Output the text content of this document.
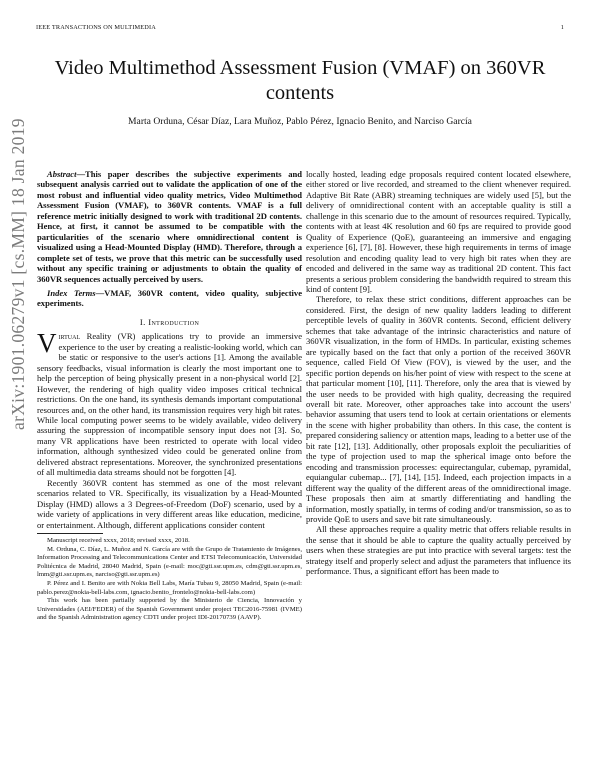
IEEE TRANSACTIONS ON MULTIMEDIA	1
Video Multimethod Assessment Fusion (VMAF) on 360VR contents

Marta Orduna, César Díaz, Lara Muñoz, Pablo Pérez, Ignacio Benito, and Narciso García

arXiv:1901.06279v1 [cs.MM] 18 Jan 2019	Abstract—This paper describes the subjective experiments and subsequent analysis carried out to validate the application of one of the most robust and influential video quality metrics, Video Multimethod Assessment Fusion (VMAF), to 360VR contents. VMAF is a full reference metric initially designed to work with traditional 2D contents. Hence, at first, it cannot be assumed to be compatible with the particularities of the scenario where omnidirectional content is visualized using a Head-Mounted Display (HMD). Therefore, through a complete set of tests, we prove that this metric can be successfully used without any specific training or adjustments to obtain the quality of 360VR sequences actually perceived by users.

Index Terms—VMAF, 360VR content, video quality, subjective experiments.

I. Introduction

Virtual Reality (VR) applications try to provide an immersive experience to the user by creating a realistic-looking world, which can be static or responsive to the user's actions [1]. Among the available sensory feedbacks, visual information is clearly the most important one to help the perception of being physically present in a non-physical world [2]. However, the rendering of high quality video imposes critical technical restrictions. On the one hand, its synthesis demands important computational resources and, on the other hand, its transmission requires very high bit rates. While local computing power seems to be widely available, video delivery assuring the suppression of incompatible sensory input does not [3]. So, many VR applications have been restricted to operate with local video information, although synthesized video could be generated online from delivered abstract representations. Moreover, the synchronized presentations of all multimedia data streams should not be forgotten [4].

Recently 360VR content has stemmed as one of the most relevant scenarios related to VR. Specifically, its visualization by a Head-Mounted Display (HMD) allows a 3 Degrees-of-Freedom (DoF) scenario, used by a wide variety of applications in very different areas like education, medicine, or entertainment. Although, different applications consider content

Manuscript received xxxx, 2018; revised xxxx, 2018.

M. Orduna, C. Díaz, L. Muñoz and N. García are with the Grupo de Tratamiento de Imágenes, Information Processing and Telecommunications Center and ETSI Telecomunicación, Universidad Politécnica de Madrid, 28040 Madrid, Spain (e-mail: moc@gti.ssr.upm.es, cdm@gti.ssr.upm.es, lmm@gti.ssr.upm.es, narciso@gti.ssr.upm.es)

P. Pérez and I. Benito are with Nokia Bell Labs, María Tubau 9, 28050 Madrid, Spain (e-mail: pablo.perez@nokia-bell-labs.com, ignacio.benito_frontelo@nokia-bell-labs.com)

This work has been partially supported by the Ministerio de Ciencia, Innovación y Universidades (AEI/FEDER) of the Spanish Government under project TEC2016-75981 (IVME) and the Spanish Administration agency CDTI under project IDI-20170739 (AAVP).

locally hosted, leading edge proposals required content located elsewhere, either stored or live recorded, and streamed to the client whenever required. Adaptive Bit Rate (ABR) streaming techniques are widely used [5], but the delivery of omnidirectional content with an acceptable quality is still a challenge in this scenario due to the amount of resources required. Typically, contents with at least 4K resolution and 60 fps are required to provide good Quality of Experience (QoE), guaranteeing an immersive and engaging experience [6], [7], [8]. However, these high requirements in terms of image resolution and encoding quality lead to very high bit rates when they are encoded and delivered in the same way as traditional 2D content. This fact presents a serious problem considering the bandwidth required to stream this kind of content [9].

Therefore, to relax these strict conditions, different approaches can be considered. First, the design of new quality ladders leading to different perceptible levels of quality in 360VR contents. Second, efficient delivery schemes that take advantage of the intrinsic characteristics and nature of 360VR visualization, in the form of HMDs. In particular, existing schemes are typically based on the fact that only a portion of the received 360VR sequence, called Field Of View (FOV), is viewed by the user, and the specific portion depends on his/her point of view with respect to the scene at that particular moment [10], [11]. Therefore, only the area that is viewed by the user needs to be provided with high quality, decreasing the required overall bit rate. Moreover, other approaches take into account the users' behavior assuming that users tend to look at certain orientations or elements in the scene with higher probability than others. In this case, the content is prepared considering saliency or attention maps, leading to a better use of the bit rate [12], [13]. Additionally, other proposals exploit the peculiarities of the type of projection used to map the spherical image onto before the encoding and transmission processes: equirectangular, cubemap, pyramidal, equiangular cubemap... [7], [14], [15]. Indeed, each projection impacts in a different way the quality of the different areas of the omnidirectional image. These proposals then aim at smartly differentiating and handling the information, mostly spatially, in terms of coding and/or transmission, so as to provide QoE to users and save bit rate simultaneously.

All these approaches require a quality metric that offers reliable results in the sense that it should be able to capture the quality actually perceived by users when these strategies are put into practice with several targets: test the strategy itself and properly select and adjust the parameters that influence its performance. Thus, a significant effort has been made to
